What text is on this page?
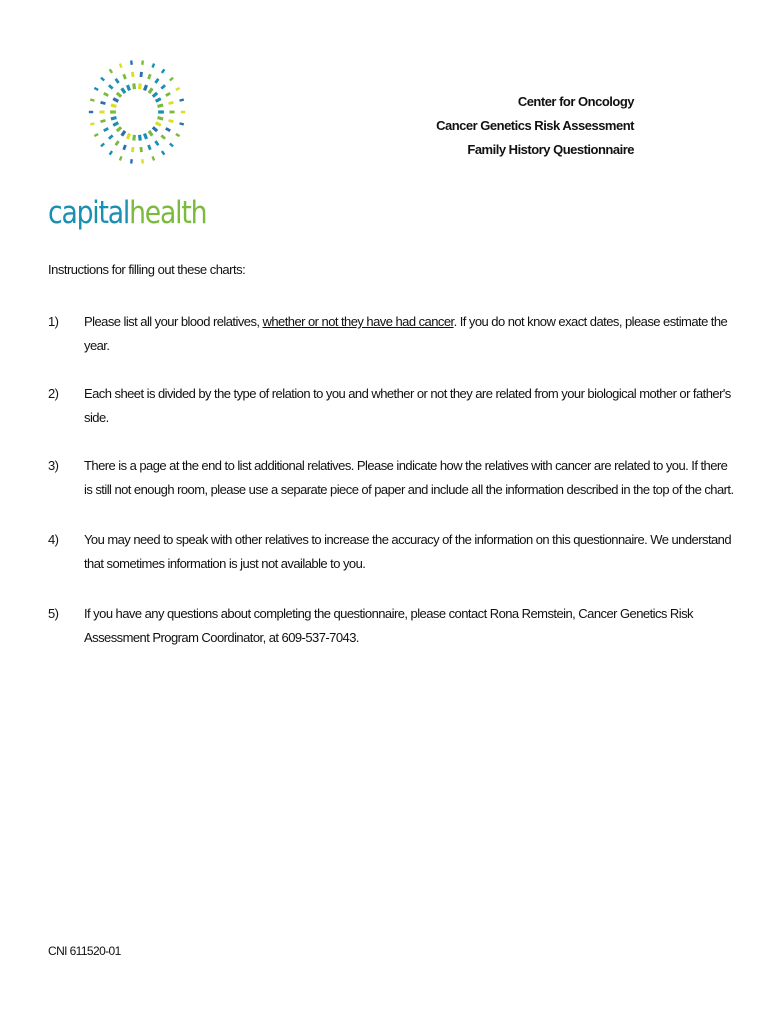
capitalhealth
Center for Oncology
Cancer Genetics Risk Assessment
Family History Questionnaire
Instructions for filling out these charts:
1)	Please list all your blood relatives, whether or not they have had cancer. If you do not know exact dates, please estimate the year.
2)	Each sheet is divided by the type of relation to you and whether or not they are related from your biological mother or father's side.
3)	There is a page at the end to list additional relatives. Please indicate how the relatives with cancer are related to you. If there is still not enough room, please use a separate piece of paper and include all the information described in the top of the chart.
4)	You may need to speak with other relatives to increase the accuracy of the information on this questionnaire. We understand that sometimes information is just not available to you.
5)	If you have any questions about completing the questionnaire, please contact Rona Remstein, Cancer Genetics Risk Assessment Program Coordinator, at 609-537-7043.
CNI 611520-01
